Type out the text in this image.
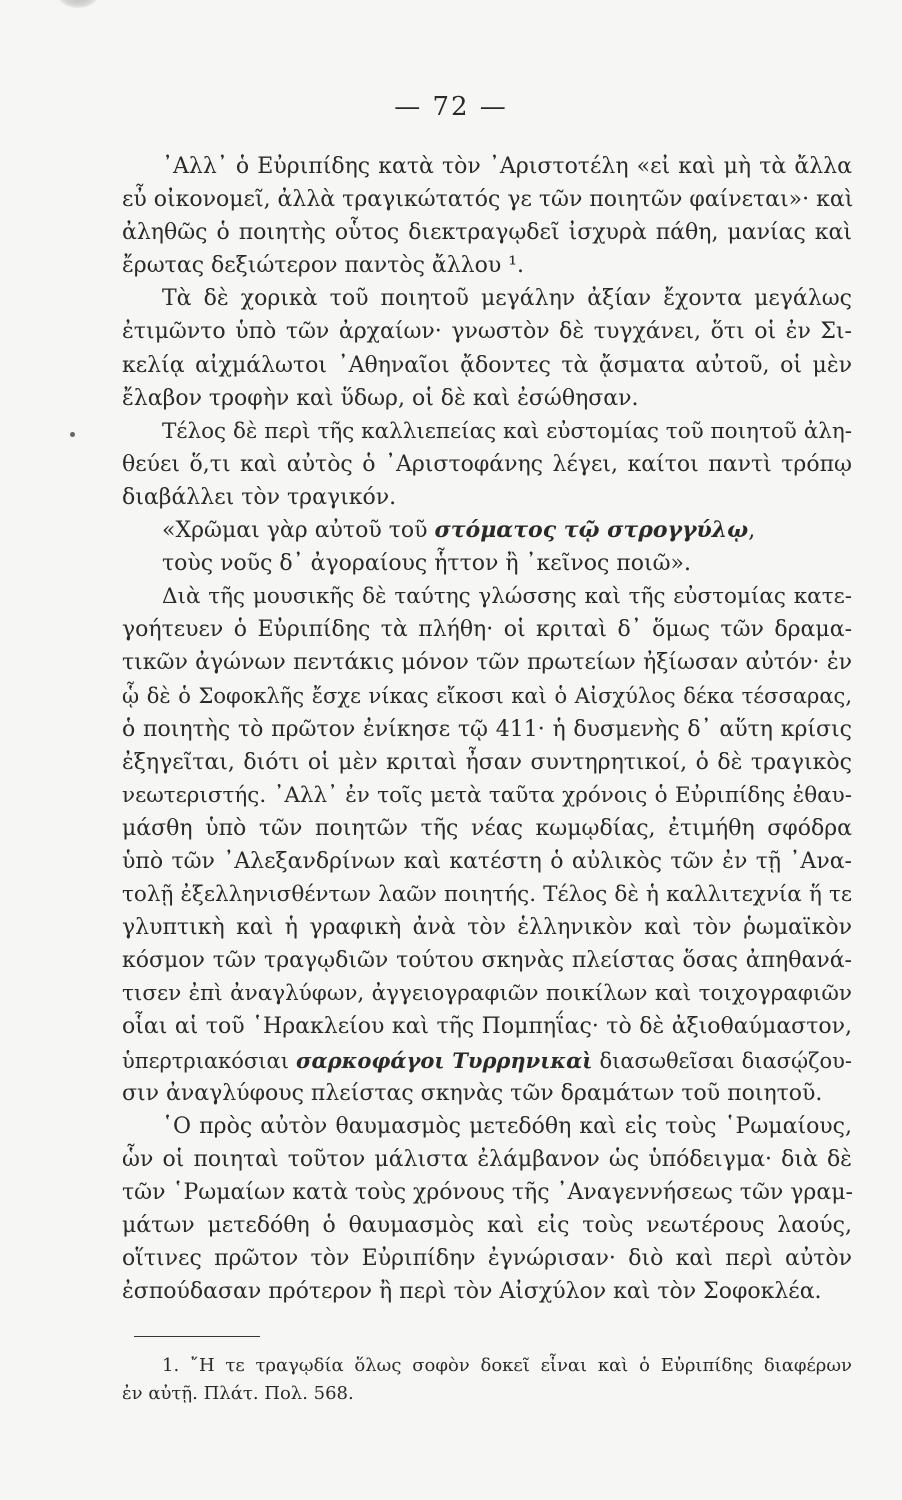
— 72 —
᾿Αλλ᾿ ὁ Εὐριπίδης κατὰ τὸν ᾿Αριστοτέλη «εἰ καὶ μὴ τὰ ἄλλα
εὖ οἰκονομεῖ, ἀλλὰ τραγικώτατός γε τῶν ποιητῶν φαίνεται»· καὶ
ἀληθῶς ὁ ποιητὴς οὗτος διεκτραγῳδεῖ ἰσχυρὰ πάθη, μανίας καὶ
ἔρωτας δεξιώτερον παντὸς ἄλλου ¹.
Τὰ δὲ χορικὰ τοῦ ποιητοῦ μεγάλην ἀξίαν ἔχοντα μεγάλως
ἐτιμῶντο ὑπὸ τῶν ἀρχαίων· γνωστὸν δὲ τυγχάνει, ὅτι οἱ ἐν Σι-
κελίᾳ αἰχμάλωτοι ᾿Αθηναῖοι ᾄδοντες τὰ ᾄσματα αὐτοῦ, οἱ μὲν
ἔλαβον τροφὴν καὶ ὕδωρ, οἱ δὲ καὶ ἐσώθησαν.
Τέλος δὲ περὶ τῆς καλλιεπείας καὶ εὐστομίας τοῦ ποιητοῦ ἀλη-
θεύει ὅ,τι καὶ αὐτὸς ὁ ᾿Αριστοφάνης λέγει, καίτοι παντὶ τρόπῳ
διαβάλλει τὸν τραγικόν.
«Χρῶμαι γὰρ αὐτοῦ τοῦ στόματος τῷ στρογγύλῳ,
τοὺς νοῦς δ᾿ ἀγοραίους ἧττον ἢ ᾿κεῖνος ποιῶ».
Διὰ τῆς μουσικῆς δὲ ταύτης γλώσσης καὶ τῆς εὐστομίας κατε-
γοήτευεν ὁ Εὐριπίδης τὰ πλήθη· οἱ κριταὶ δ᾿ ὅμως τῶν δραμα-
τικῶν ἀγώνων πεντάκις μόνον τῶν πρωτείων ἠξίωσαν αὐτόν· ἐν
ᾧ δὲ ὁ Σοφοκλῆς ἔσχε νίκας εἴκοσι καὶ ὁ Αἰσχύλος δέκα τέσσαρας,
ὁ ποιητὴς τὸ πρῶτον ἐνίκησε τῷ 411· ἡ δυσμενὴς δ᾿ αὕτη κρίσις
ἐξηγεῖται, διότι οἱ μὲν κριταὶ ἦσαν συντηρητικοί, ὁ δὲ τραγικὸς
νεωτεριστής. ᾿Αλλ᾿ ἐν τοῖς μετὰ ταῦτα χρόνοις ὁ Εὐριπίδης ἐθαυ-
μάσθη ὑπὸ τῶν ποιητῶν τῆς νέας κωμῳδίας, ἐτιμήθη σφόδρα
ὑπὸ τῶν ᾿Αλεξανδρίνων καὶ κατέστη ὁ αὐλικὸς τῶν ἐν τῇ ᾿Ανα-
τολῇ ἐξελληνισθέντων λαῶν ποιητής. Τέλος δὲ ἡ καλλιτεχνία ἥ τε
γλυπτικὴ καὶ ἡ γραφικὴ ἀνὰ τὸν ἑλληνικὸν καὶ τὸν ῥωμαϊκὸν
κόσμον τῶν τραγῳδιῶν τούτου σκηνὰς πλείστας ὅσας ἀπηθανά-
τισεν ἐπὶ ἀναγλύφων, ἀγγειογραφιῶν ποικίλων καὶ τοιχογραφιῶν
οἷαι αἱ τοῦ ῾Ηρακλείου καὶ τῆς Πομπηΐας· τὸ δὲ ἀξιοθαύμαστον,
ὑπερτριακόσιαι σαρκοφάγοι Τυρρηνικαὶ διασωθεῖσαι διασῴζου-
σιν ἀναγλύφους πλείστας σκηνὰς τῶν δραμάτων τοῦ ποιητοῦ.
῾Ο πρὸς αὐτὸν θαυμασμὸς μετεδόθη καὶ εἰς τοὺς ῾Ρωμαίους,
ὧν οἱ ποιηταὶ τοῦτον μάλιστα ἐλάμβανον ὡς ὑπόδειγμα· διὰ δὲ
τῶν ῾Ρωμαίων κατὰ τοὺς χρόνους τῆς ᾿Αναγεννήσεως τῶν γραμ-
μάτων μετεδόθη ὁ θαυμασμὸς καὶ εἰς τοὺς νεωτέρους λαούς,
οἵτινες πρῶτον τὸν Εὐριπίδην ἐγνώρισαν· διὸ καὶ περὶ αὐτὸν
ἐσπούδασαν πρότερον ἢ περὶ τὸν Αἰσχύλον καὶ τὸν Σοφοκλέα.
1. ῎Η τε τραγῳδία ὅλως σοφὸν δοκεῖ εἶναι καὶ ὁ Εὐριπίδης διαφέρων
ἐν αὐτῇ. Πλάτ. Πολ. 568.
